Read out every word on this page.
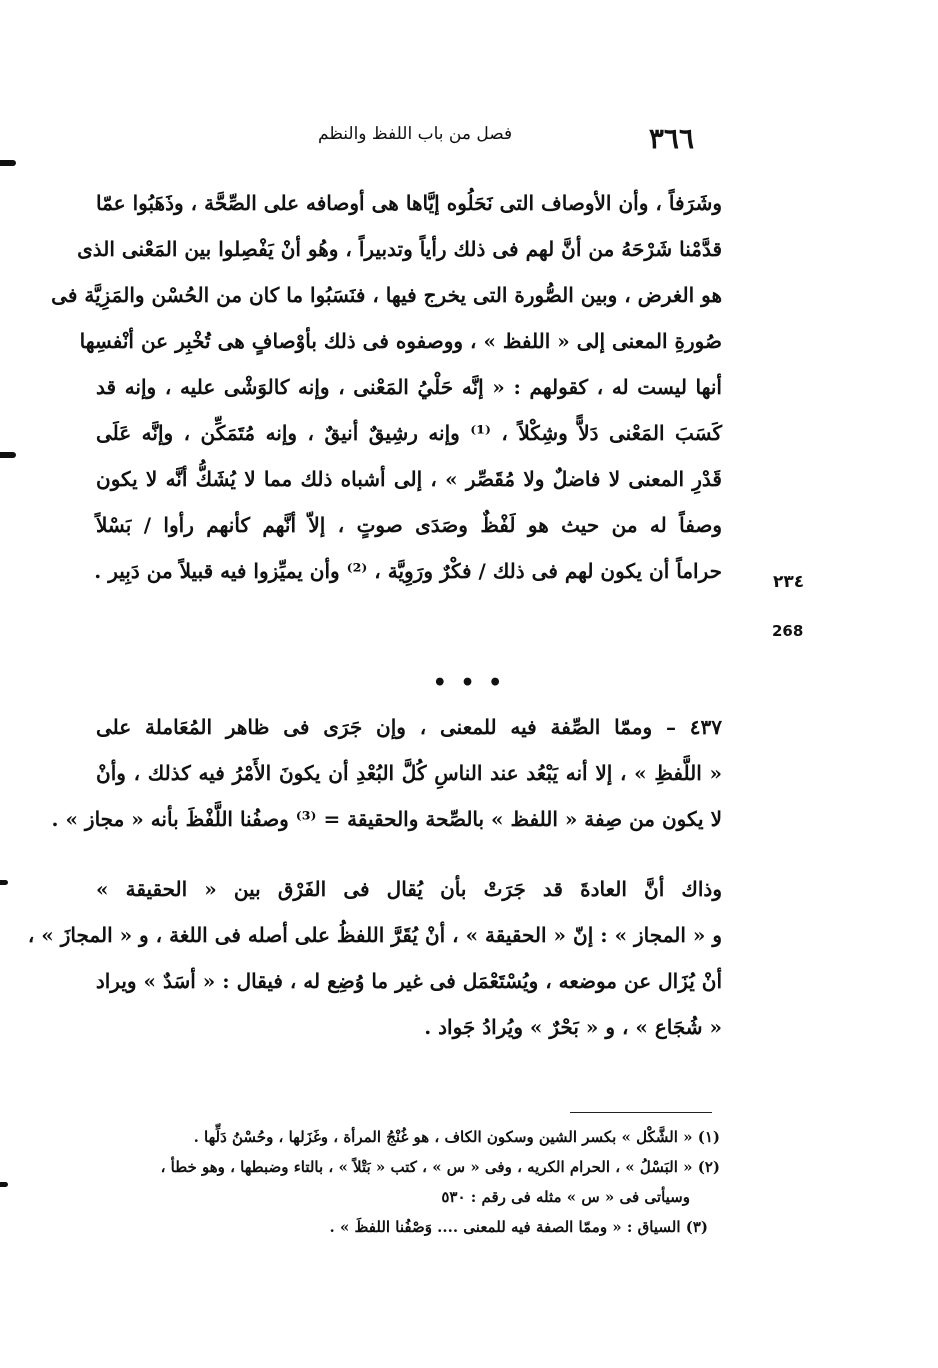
٣٦٦
فصل من باب اللفظ والنظم
وشَرَفاً ، وأن الأوصاف التى نَحَلُوه إيَّاها هى أوصافه على الصِّحَّة ، وذَهَبُوا عمّا
قدَّمْنا شَرْحَهُ من أنَّ لهم فى ذلك رأياً وتدبيراً ، وهُو أنْ يَفْصِلوا بين المَعْنى الذى
هو الغرض ، وبين الصُّورة التى يخرج فيها ، فنَسَبُوا ما كان من الحُسْن والمَزِيَّة فى
صُورةِ المعنى إلى « اللفظ » ، ووصفوه فى ذلك بأوْصافٍ هى تُخْبِر عن أنْفسِها
أنها ليست له ، كقولهم : « إنَّه حَلْيُ المَعْنى ، وإنه كالوَشْى عليه ، وإنه قد
كَسَبَ المَعْنى دَلاًّ وشِكْلاً ، ⁽¹⁾ وإنه رشِيقٌ أنيقٌ ، وإنه مُتَمَكِّن ، وإنَّه عَلَى
قَدْرِ المعنى لا فاضلٌ ولا مُقَصِّر » ، إلى أشباه ذلك مما لا يُشَكُّ أنَّه لا يكون
وصفاً له من حيث هو لَفْظٌ وصَدَى صوتٍ ، إلاّ أنَّهم كأنهم رأوا / بَسْلاً
حراماً أن يكون لهم فى ذلك / فكْرٌ ورَوِيَّة ، ⁽²⁾ وأن يميِّزوا فيه قبيلاً من دَبِير .	٢٣٤
268
• • •
٤٣٧ – وممّا الصِّفة فيه للمعنى ، وإن جَرَى فى ظاهر المُعَاملة على
« اللَّفظِ » ، إلا أنه يَبْعُد عند الناسِ كُلَّ البُعْدِ أن يكونَ الأَمْرُ فيه كذلك ، وأنْ
لا يكون من صِفة « اللفظ » بالصِّحة والحقيقة = ⁽³⁾ وصفُنا اللَّفْظَ بأنه « مجاز » .
وذاك أنَّ العادةَ قد جَرَتْ بأن يُقال فى الفَرْق بين « الحقيقة »
و « المجاز » : إنّ « الحقيقة » ، أنْ يُقَرَّ اللفظُ على أصله فى اللغة ، و « المجازَ » ،
أنْ يُزَال عن موضعه ، ويُسْتَعْمَل فى غير ما وُضِع له ، فيقال : « أسَدٌ » ويراد
« شُجَاع » ، و « بَحْرٌ » ويُرادُ جَواد .
(١) « الشَّكْل » بكسر الشين وسكون الكاف ، هو غُنْجُ المرأة ، وغَزَلها ، وحُسْنُ دَلِّها .
(٢) « البَسْلُ » ، الحرام الكريه ، وفى « س » ، كتب « بَتْلاً » ، بالتاء وضبطها ، وهو خطأ ،
وسيأتى فى « س » مثله فى رقم : ٥٣٠
(٣) السياق : « وممّا الصفة فيه للمعنى .... وَصْفُنا اللفظَ » .
